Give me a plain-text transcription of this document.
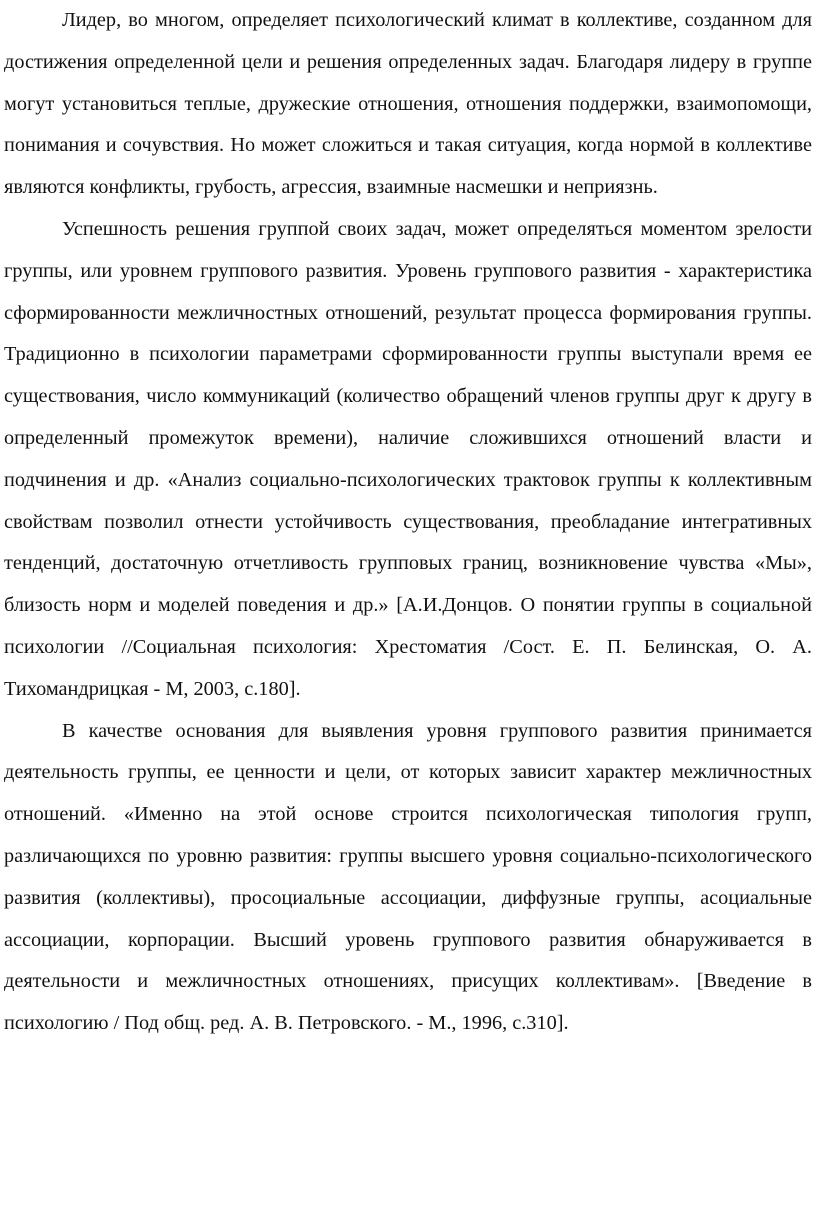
Лидер, во многом, определяет психологический климат в коллективе, созданном для достижения определенной цели и решения определенных задач. Благодаря лидеру в группе могут установиться теплые, дружеские отношения, отношения поддержки, взаимопомощи, понимания и сочувствия. Но может сложиться и такая ситуация, когда нормой в коллективе являются конфликты, грубость, агрессия, взаимные насмешки и неприязнь.

Успешность решения группой своих задач, может определяться моментом зрелости группы, или уровнем группового развития. Уровень группового развития - характеристика сформированности межличностных отношений, результат процесса формирования группы. Традиционно в психологии параметрами сформированности группы выступали время ее существования, число коммуникаций (количество обращений членов группы друг к другу в определенный промежуток времени), наличие сложившихся отношений власти и подчинения и др. «Анализ социально-психологических трактовок группы к коллективным свойствам позволил отнести устойчивость существования, преобладание интегративных тенденций, достаточную отчетливость групповых границ, возникновение чувства «Мы», близость норм и моделей поведения и др.» [А.И.Донцов. О понятии группы в социальной психологии //Социальная психология: Хрестоматия /Сост. Е. П. Белинская, О. А. Тихомандрицкая - М, 2003, с.180].

В качестве основания для выявления уровня группового развития принимается деятельность группы, ее ценности и цели, от которых зависит характер межличностных отношений. «Именно на этой основе строится психологическая типология групп, различающихся по уровню развития: группы высшего уровня социально-психологического развития (коллективы), просоциальные ассоциации, диффузные группы, асоциальные ассоциации, корпорации. Высший уровень группового развития обнаруживается в деятельности и межличностных отношениях, присущих коллективам». [Введение в психологию / Под общ. ред. А. В. Петровского. - М., 1996, с.310].
